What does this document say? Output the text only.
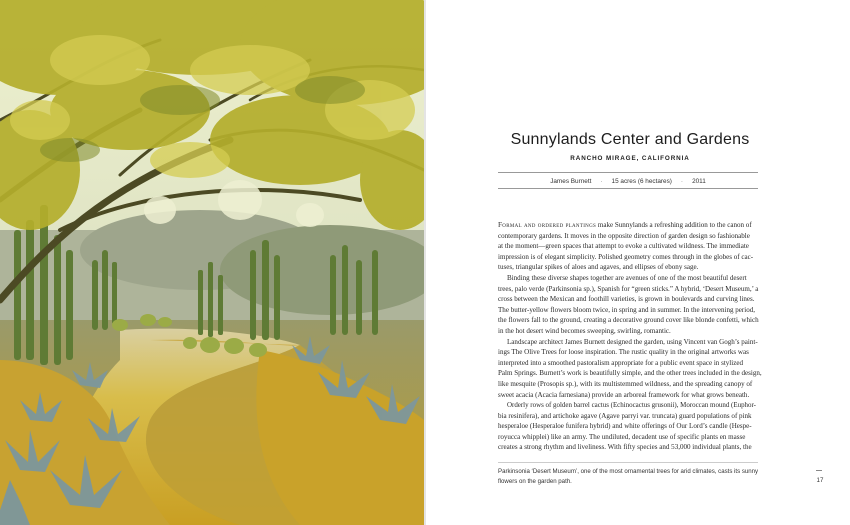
Sunnylands Center and Gardens
RANCHO MIRAGE, CALIFORNIA
James Burnett · 15 acres (6 hectares) · 2011

Formal and ordered plantings make Sunnylands a refreshing addition to the canon of
contemporary gardens. It moves in the opposite direction of garden design so fashionable
at the moment—green spaces that attempt to evoke a cultivated wildness. The immediate
impression is of elegant simplicity. Polished geometry comes through in the globes of cac-
tuses, triangular spikes of aloes and agaves, and ellipses of ebony sage.

Binding these diverse shapes together are avenues of one of the most beautiful desert
trees, palo verde (Parkinsonia sp.), Spanish for “green sticks.” A hybrid, ‘Desert Museum,’ a
cross between the Mexican and foothill varieties, is grown in boulevards and curving lines.
The butter-yellow flowers bloom twice, in spring and in summer. In the intervening period,
the flowers fall to the ground, creating a decorative ground cover like blonde confetti, which
in the hot desert wind becomes sweeping, swirling, romantic.

Landscape architect James Burnett designed the garden, using Vincent van Gogh’s paint-
ings The Olive Trees for loose inspiration. The rustic quality in the original artworks was
interpreted into a smoothed pastoralism appropriate for a public event space in stylized
Palm Springs. Burnett’s work is beautifully simple, and the other trees included in the design,
like mesquite (Prosopis sp.), with its multistemmed wildness, and the spreading canopy of
sweet acacia (Acacia farnesiana) provide an arboreal framework for what grows beneath.

Orderly rows of golden barrel cactus (Echinocactus grusonii), Moroccan mound (Euphor-
bia resinifera), and artichoke agave (Agave parryi var. truncata) guard populations of pink
hesperaloe (Hesperaloe funifera hybrid) and white offerings of Our Lord’s candle (Hespe-
royucca whipplei) like an army. The undiluted, decadent use of specific plants en masse
creates a strong rhythm and liveliness. With fifty species and 53,000 individual plants, the

Parkinsonia ‘Desert Museum’, one of the most ornamental trees for arid climates, casts its sunny flowers on the garden path.	17
